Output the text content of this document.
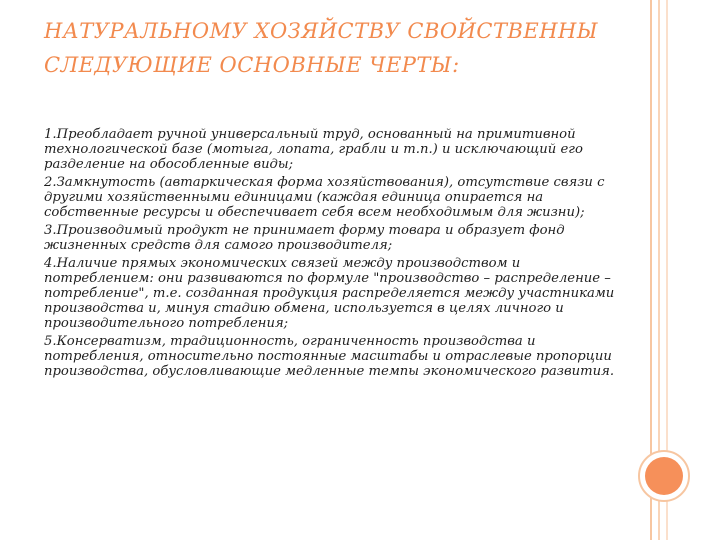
НАТУРАЛЬНОМУ ХОЗЯЙСТВУ СВОЙСТВЕННЫ СЛЕДУЮЩИЕ ОСНОВНЫЕ ЧЕРТЫ:

1.Преобладает ручной универсальный труд, основанный на примитивной технологической базе (мотыга, лопата, грабли и т.п.) и исключающий его разделение на обособленные виды;

2.Замкнутость (автаркическая форма хозяйствования), отсутствие связи с другими хозяйственными единицами (каждая единица опирается на собственные ресурсы и обеспечивает себя всем необходимым для жизни);

3.Производимый продукт не принимает форму товара и образует фонд жизненных средств для самого производителя;

4.Наличие прямых экономических связей между производством и потреблением: они развиваются по формуле "производство – распределение – потребление", т.е. созданная продукция распределяется между участниками производства и, минуя стадию обмена, используется в целях личного и производительного потребления;

5.Консерватизм, традиционность, ограниченность производства и потребления, относительно постоянные масштабы и отраслевые пропорции производства, обусловливающие медленные темпы экономического развития.
